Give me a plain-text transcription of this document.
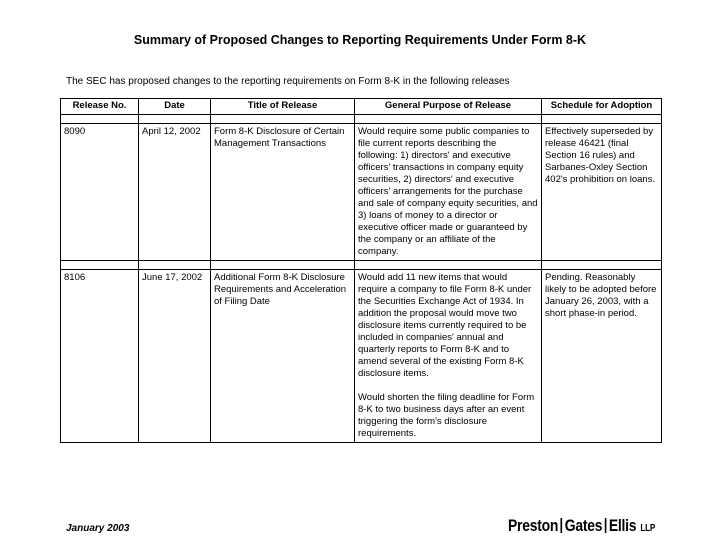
Summary of Proposed Changes to Reporting Requirements Under Form 8-K
The SEC has proposed changes to the reporting requirements on Form 8-K in the following releases
Release No.	Date	Title of Release	General Purpose of Release	Schedule for Adoption

8090	April 12, 2002	Form 8-K Disclosure of Certain Management Transactions	Would require some public companies to file current reports describing the following: 1) directors' and executive officers' transactions in company equity securities, 2) directors' and executive officers' arrangements for the purchase and sale of company equity securities, and 3) loans of money to a director or executive officer made or guaranteed by the company or an affiliate of the company.	Effectively superseded by release 46421 (final Section 16 rules) and Sarbanes-Oxley Section 402's prohibition on loans.

8106	June 17, 2002	Additional Form 8-K Disclosure Requirements and Acceleration of Filing Date	Would add 11 new items that would require a company to file Form 8-K under the Securities Exchange Act of 1934. In addition the proposal would move two disclosure items currently required to be included in companies' annual and quarterly reports to Form 8-K and to amend several of the existing Form 8-K disclosure items.
Would shorten the filing deadline for Form 8-K to two business days after an event triggering the form's disclosure requirements.	Pending. Reasonably likely to be adopted before January 26, 2003, with a short phase-in period.
January 2003	Preston Gates Ellis LLP
